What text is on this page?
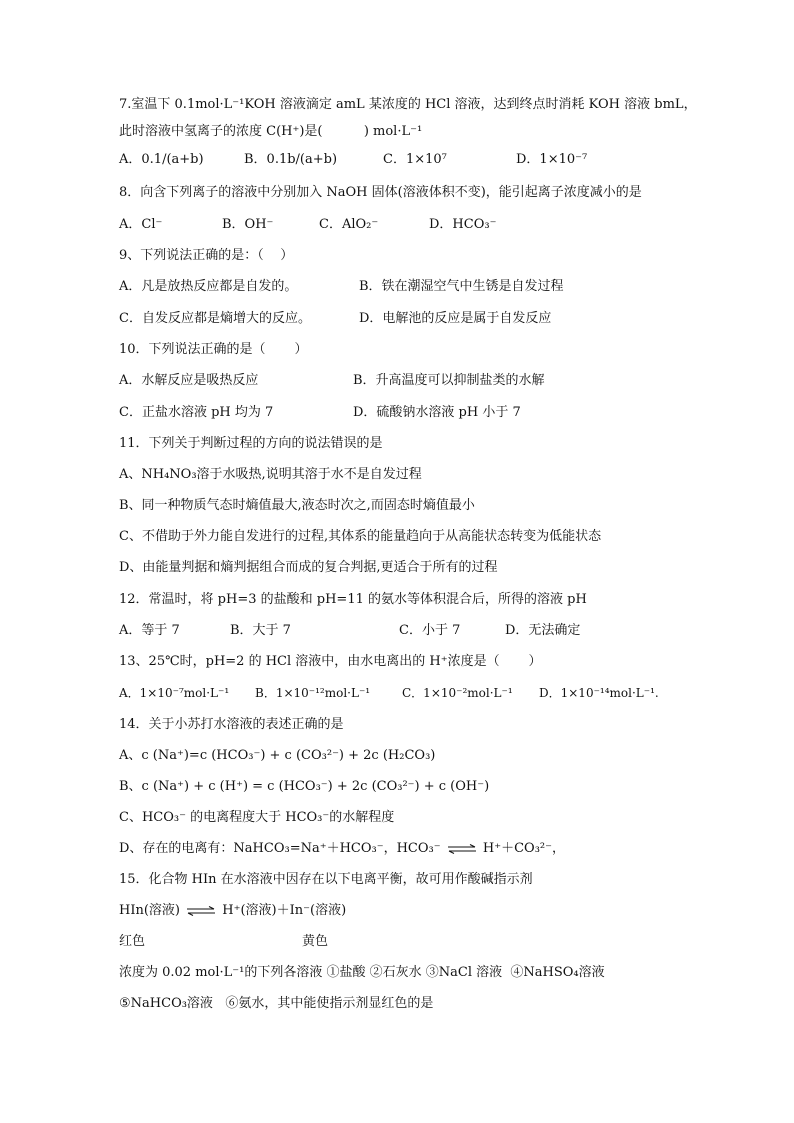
7.室温下 0.1mol·L⁻¹KOH 溶液滴定 amL 某浓度的 HCl 溶液，达到终点时消耗 KOH 溶液 bmL，
此时溶液中氢离子的浓度 C(H⁺)是(          ) mol·L⁻¹
A．0.1/(a+b)	B．0.1b/(a+b)	C．1×10⁷	D．1×10⁻⁷
8．向含下列离子的溶液中分别加入 NaOH 固体(溶液体积不变)，能引起离子浓度减小的是
A．Cl⁻	B．OH⁻	C．AlO₂⁻	D．HCO₃⁻
9、下列说法正确的是：（    ）
A．凡是放热反应都是自发的。	B．铁在潮湿空气中生锈是自发过程
C．自发反应都是熵增大的反应。	D．电解池的反应是属于自发反应
10．下列说法正确的是（       ）
A．水解反应是吸热反应	B．升高温度可以抑制盐类的水解
C．正盐水溶液 pH 均为 7	D．硫酸钠水溶液 pH 小于 7
11．下列关于判断过程的方向的说法错误的是
A、NH₄NO₃溶于水吸热,说明其溶于水不是自发过程
B、同一种物质气态时熵值最大,液态时次之,而固态时熵值最小
C、不借助于外力能自发进行的过程,其体系的能量趋向于从高能状态转变为低能状态
D、由能量判据和熵判据组合而成的复合判据,更适合于所有的过程
12．常温时，将 pH=3 的盐酸和 pH=11 的氨水等体积混合后，所得的溶液 pH
A．等于 7	B．大于 7	C．小于 7	D．无法确定
13、25℃时，pH=2 的 HCl 溶液中，由水电离出的 H⁺浓度是（       ）
A．1×10⁻⁷mol·L⁻¹ B．1×10⁻¹²mol·L⁻¹	C．1×10⁻²mol·L⁻¹ D．1×10⁻¹⁴mol·L⁻¹.
14．关于小苏打水溶液的表述正确的是
A、c (Na⁺)=c (HCO₃⁻) + c (CO₃²⁻) + 2c (H₂CO₃)
B、c (Na⁺) + c (H⁺) = c (HCO₃⁻) + 2c (CO₃²⁻) + c (OH⁻)
C、HCO₃⁻ 的电离程度大于 HCO₃⁻的水解程度
D、存在的电离有：NaHCO₃=Na⁺＋HCO₃⁻，HCO₃⁻ ⇌ H⁺＋CO₃²⁻，
15．化合物 HIn 在水溶液中因存在以下电离平衡，故可用作酸碱指示剂
HIn(溶液) ⇌ H⁺(溶液)＋In⁻(溶液)
红色	黄色
浓度为 0.02 mol·L⁻¹的下列各溶液 ①盐酸 ②石灰水 ③NaCl 溶液  ④NaHSO₄溶液
⑤NaHCO₃溶液   ⑥氨水，其中能使指示剂显红色的是
